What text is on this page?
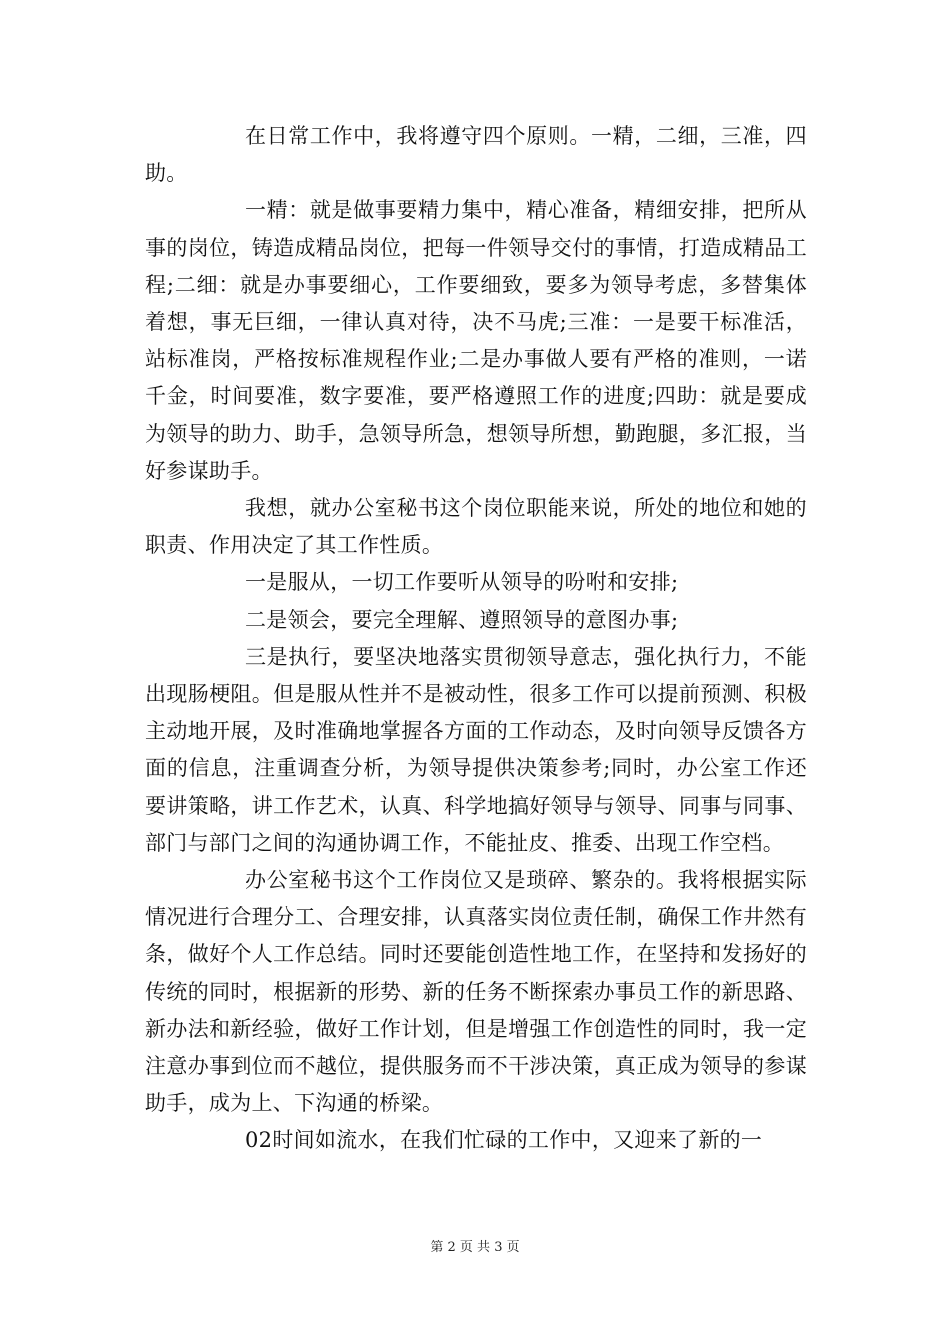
在日常工作中，我将遵守四个原则。一精，二细，三准，四助。

一精：就是做事要精力集中，精心准备，精细安排，把所从事的岗位，铸造成精品岗位，把每一件领导交付的事情，打造成精品工程;二细：就是办事要细心，工作要细致，要多为领导考虑，多替集体着想，事无巨细，一律认真对待，决不马虎;三准：一是要干标准活，站标准岗，严格按标准规程作业;二是办事做人要有严格的准则，一诺千金，时间要准，数字要准，要严格遵照工作的进度;四助：就是要成为领导的助力、助手，急领导所急，想领导所想，勤跑腿，多汇报，当好参谋助手。

我想，就办公室秘书这个岗位职能来说，所处的地位和她的职责、作用决定了其工作性质。

一是服从，一切工作要听从领导的吩咐和安排;

二是领会，要完全理解、遵照领导的意图办事;

三是执行，要坚决地落实贯彻领导意志，强化执行力，不能出现肠梗阻。但是服从性并不是被动性，很多工作可以提前预测、积极主动地开展，及时准确地掌握各方面的工作动态，及时向领导反馈各方面的信息，注重调查分析，为领导提供决策参考;同时，办公室工作还要讲策略，讲工作艺术，认真、科学地搞好领导与领导、同事与同事、部门与部门之间的沟通协调工作，不能扯皮、推委、出现工作空档。

办公室秘书这个工作岗位又是琐碎、繁杂的。我将根据实际情况进行合理分工、合理安排，认真落实岗位责任制，确保工作井然有条，做好个人工作总结。同时还要能创造性地工作，在坚持和发扬好的传统的同时，根据新的形势、新的任务不断探索办事员工作的新思路、新办法和新经验，做好工作计划，但是增强工作创造性的同时，我一定注意办事到位而不越位，提供服务而不干涉决策，真正成为领导的参谋助手，成为上、下沟通的桥梁。

02时间如流水，在我们忙碌的工作中，又迎来了新的一

第 2 页 共 3 页
